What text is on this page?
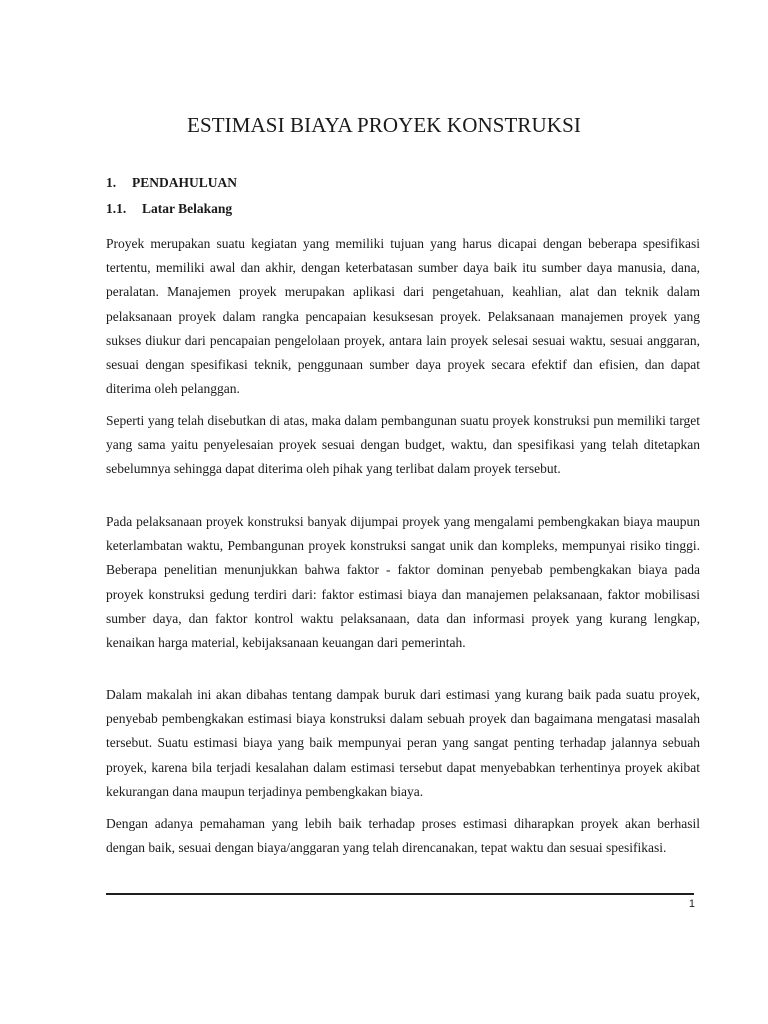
ESTIMASI BIAYA PROYEK KONSTRUKSI
1. PENDAHULUAN
1.1. Latar Belakang

Proyek merupakan suatu kegiatan yang memiliki tujuan yang harus dicapai dengan beberapa spesifikasi tertentu, memiliki awal dan akhir, dengan keterbatasan sumber daya baik itu sumber daya manusia, dana, peralatan. Manajemen proyek merupakan aplikasi dari pengetahuan, keahlian, alat dan teknik dalam pelaksanaan proyek dalam rangka pencapaian kesuksesan proyek. Pelaksanaan manajemen proyek yang sukses diukur dari pencapaian pengelolaan proyek, antara lain proyek selesai sesuai waktu, sesuai anggaran, sesuai dengan spesifikasi teknik, penggunaan sumber daya proyek secara efektif dan efisien, dan dapat diterima oleh pelanggan.

Seperti yang telah disebutkan di atas, maka dalam pembangunan suatu proyek konstruksi pun memiliki target yang sama yaitu penyelesaian proyek sesuai dengan budget, waktu, dan spesifikasi yang telah ditetapkan sebelumnya sehingga dapat diterima oleh pihak yang terlibat dalam proyek tersebut.

Pada pelaksanaan proyek konstruksi banyak dijumpai proyek yang mengalami pembengkakan biaya maupun keterlambatan waktu, Pembangunan proyek konstruksi sangat unik dan kompleks, mempunyai risiko tinggi. Beberapa penelitian menunjukkan bahwa faktor - faktor dominan penyebab pembengkakan biaya pada proyek konstruksi gedung terdiri dari: faktor estimasi biaya dan manajemen pelaksanaan, faktor mobilisasi sumber daya, dan faktor kontrol waktu pelaksanaan, data dan informasi proyek yang kurang lengkap, kenaikan harga material, kebijaksanaan keuangan dari pemerintah.

Dalam makalah ini akan dibahas tentang dampak buruk dari estimasi yang kurang baik pada suatu proyek, penyebab pembengkakan estimasi biaya konstruksi dalam sebuah proyek dan bagaimana mengatasi masalah tersebut. Suatu estimasi biaya yang baik mempunyai peran yang sangat penting terhadap jalannya sebuah proyek, karena bila terjadi kesalahan dalam estimasi tersebut dapat menyebabkan terhentinya proyek akibat kekurangan dana maupun terjadinya pembengkakan biaya.

Dengan adanya pemahaman yang lebih baik terhadap proses estimasi diharapkan proyek akan berhasil dengan baik, sesuai dengan biaya/anggaran yang telah direncanakan, tepat waktu dan sesuai spesifikasi.

1
